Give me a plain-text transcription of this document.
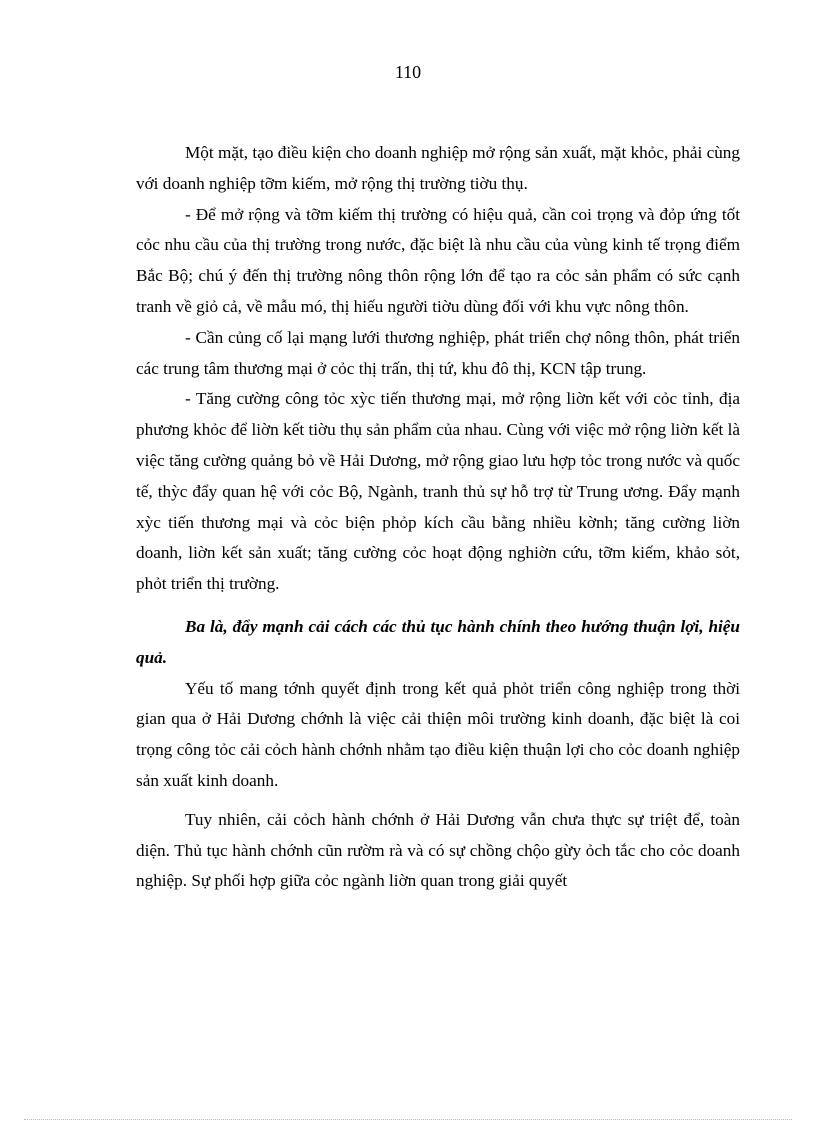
110

Một mặt, tạo điều kiện cho doanh nghiệp mở rộng sản xuất, mặt khỏc, phải cùng với doanh nghiệp tỡm kiếm, mở rộng thị trường tiờu thụ.

- Để mở rộng và tỡm kiếm thị trường có hiệu quả, cần coi trọng và đỏp ứng tốt cỏc nhu cầu của thị trường trong nước, đặc biệt là nhu cầu của vùng kinh tế trọng điểm Bắc Bộ; chú ý đến thị trường nông thôn rộng lớn để tạo ra cỏc sản phẩm có sức cạnh tranh về giỏ cả, về mẫu mó, thị hiếu người tiờu dùng đối với khu vực nông thôn.

- Cần củng cố lại mạng lưới thương nghiệp, phát triển chợ nông thôn, phát triển các trung tâm thương mại ở cỏc thị trấn, thị tứ, khu đô thị, KCN tập trung.

- Tăng cường công tỏc xỳc tiến thương mại, mở rộng liờn kết với cỏc tỉnh, địa phương khỏc để liờn kết tiờu thụ sản phẩm của nhau. Cùng với việc mở rộng liờn kết là việc tăng cường quảng bỏ về Hải Dương, mở rộng giao lưu hợp tỏc trong nước và quốc tế, thỳc đẩy quan hệ với cỏc Bộ, Ngành, tranh thủ sự hỗ trợ từ Trung ương. Đẩy mạnh xỳc tiến thương mại và cỏc biện phỏp kích cầu bằng nhiều kờnh; tăng cường liờn doanh, liờn kết sản xuất; tăng cường cỏc hoạt động nghiờn cứu, tỡm kiếm, khảo sỏt, phỏt triển thị trường.

Ba là, đẩy mạnh cải cách các thủ tục hành chính theo hướng thuận lợi, hiệu quả.

Yếu tố mang tớnh quyết định trong kết quả phỏt triển công nghiệp trong thời gian qua ở Hải Dương chớnh là việc cải thiện môi trường kinh doanh, đặc biệt là coi trọng công tỏc cải cỏch hành chớnh nhằm tạo điều kiện thuận lợi cho cỏc doanh nghiệp sản xuất kinh doanh.

Tuy nhiên, cải cỏch hành chớnh ở Hải Dương vẫn chưa thực sự triệt để, toàn diện. Thủ tục hành chớnh cũn rườm rà và có sự chồng chộo gừy ỏch tắc cho cỏc doanh nghiệp. Sự phối hợp giữa cỏc ngành liờn quan trong giải quyết
